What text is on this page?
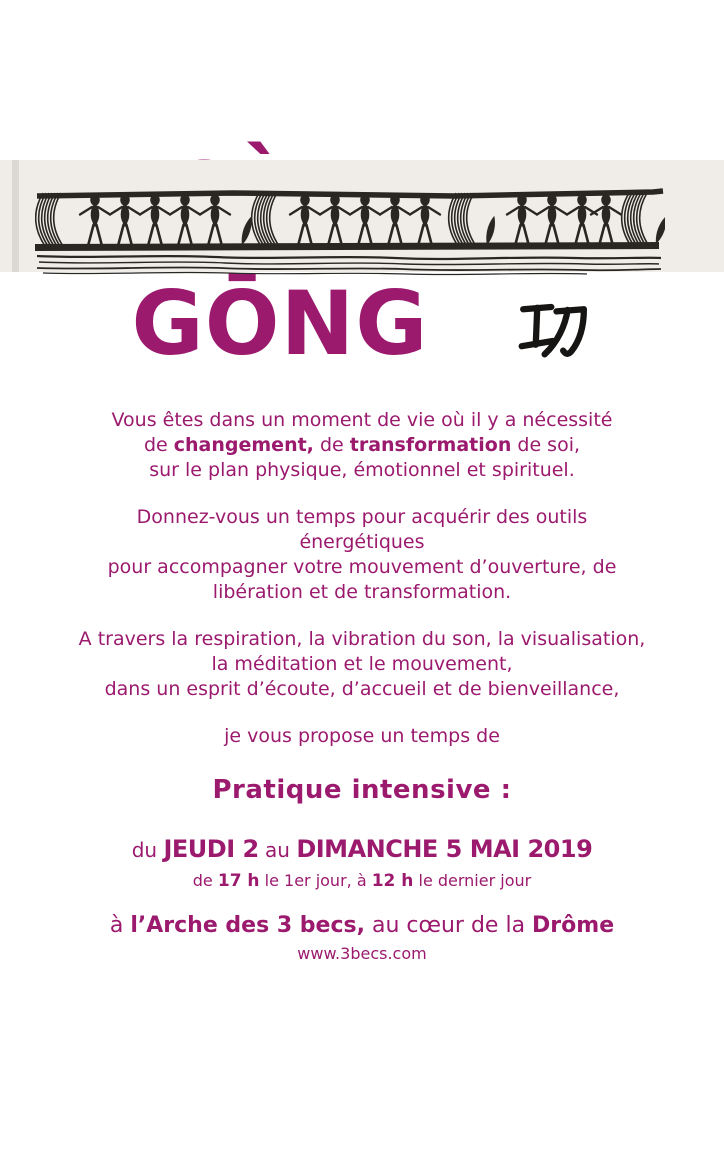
GŌNG

Vous êtes dans un moment de vie où il y a nécessité
de changement, de transformation de soi,
sur le plan physique, émotionnel et spirituel.

Donnez-vous un temps pour acquérir des outils
énergétiques
pour accompagner votre mouvement d’ouverture, de
libération et de transformation.

A travers la respiration, la vibration du son, la visualisation,
la méditation et le mouvement,
dans un esprit d’écoute, d’accueil et de bienveillance,

je vous propose un temps de

Pratique intensive :
du JEUDI 2 au DIMANCHE 5 MAI 2019
de 17 h le 1er jour, à 12 h le dernier jour
à l’Arche des 3 becs, au cœur de la Drôme
www.3becs.com
